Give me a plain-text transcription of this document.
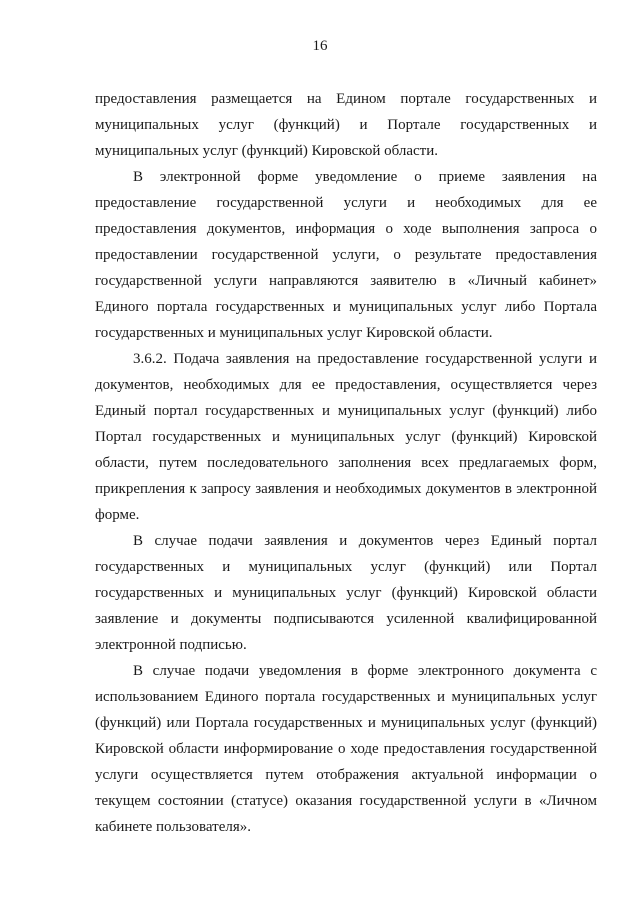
16
предоставления размещается на Едином портале государственных и
муниципальных услуг (функций) и Портале государственных и
муниципальных услуг (функций) Кировской области.
В электронной форме уведомление о приеме заявления на
предоставление государственной услуги и необходимых для ее
предоставления документов, информация о ходе выполнения запроса о
предоставлении государственной услуги, о результате предоставления
государственной услуги направляются заявителю в «Личный кабинет»
Единого портала государственных и муниципальных услуг либо Портала
государственных и муниципальных услуг Кировской области.
3.6.2. Подача заявления на предоставление государственной услуги и
документов, необходимых для ее предоставления, осуществляется через
Единый портал государственных и муниципальных услуг (функций) либо
Портал государственных и муниципальных услуг (функций) Кировской
области, путем последовательного заполнения всех предлагаемых форм,
прикрепления к запросу заявления и необходимых документов в электронной
форме.
В случае подачи заявления и документов через Единый портал
государственных и муниципальных услуг (функций) или Портал
государственных и муниципальных услуг (функций) Кировской области
заявление и документы подписываются усиленной квалифицированной
электронной подписью.
В случае подачи уведомления в форме электронного документа с
использованием Единого портала государственных и муниципальных услуг
(функций) или Портала государственных и муниципальных услуг (функций)
Кировской области информирование о ходе предоставления государственной
услуги осуществляется путем отображения актуальной информации о
текущем состоянии (статусе) оказания государственной услуги в «Личном
кабинете пользователя».
